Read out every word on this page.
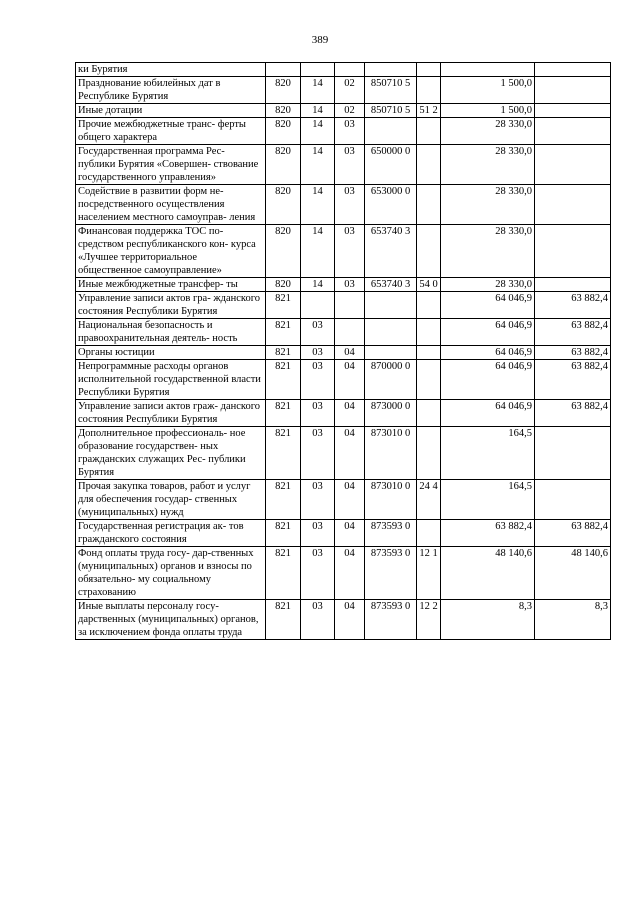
389
ки Бурятия							
Празднование юбилейных дат в Республике Бурятия	820	14	02	850710 5		1 500,0	
Иные дотации	820	14	02	850710 5	51 2	1 500,0	
Прочие межбюджетные транс- ферты общего характера	820	14	03			28 330,0	
Государственная программа Рес- публики Бурятия «Совершен- ствование государственного управления»	820	14	03	650000 0		28 330,0	
Содействие в развитии форм не- посредственного осуществления населением местного самоуправ- ления	820	14	03	653000 0		28 330,0	
Финансовая поддержка ТОС по- средством республиканского кон- курса «Лучшее территориальное общественное самоуправление»	820	14	03	653740 3		28 330,0	
Иные межбюджетные трансфер- ты	820	14	03	653740 3	54 0	28 330,0	
Управление записи актов гра- жданского состояния Республики Бурятия	821					64 046,9	63 882,4
Национальная безопасность и правоохранительная деятель- ность	821	03				64 046,9	63 882,4
Органы юстиции	821	03	04			64 046,9	63 882,4
Непрограммные расходы органов исполнительной государственной власти Республики Бурятия	821	03	04	870000 0		64 046,9	63 882,4
Управление записи актов граж- данского состояния Республики Бурятия	821	03	04	873000 0		64 046,9	63 882,4
Дополнительное профессиональ- ное образование государствен- ных гражданских служащих Рес- публики Бурятия	821	03	04	873010 0		164,5	
Прочая закупка товаров, работ и услуг для обеспечения государ- ственных (муниципальных) нужд	821	03	04	873010 0	24 4	164,5	
Государственная регистрация ак- тов гражданского состояния	821	03	04	873593 0		63 882,4	63 882,4
Фонд оплаты труда госу- дар-ственных (муниципальных) органов и взносы по обязательно- му социальному страхованию	821	03	04	873593 0	12 1	48 140,6	48 140,6
Иные выплаты персоналу госу- дарственных (муниципальных) органов, за исключением фонда оплаты труда	821	03	04	873593 0	12 2	8,3	8,3
